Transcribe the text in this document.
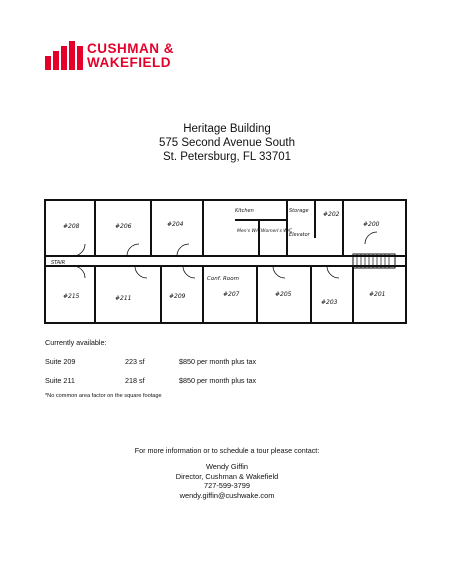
CUSHMAN &
WAKEFIELD
Heritage Building
575 Second Avenue South
St. Petersburg, FL 33701
#208	#206	#204
Kitchen	Storage #202
#200
Men's W/C Women's W/C
Elevator
STAIR
#215	#211	#209
Conf. Room
#207	#205
#203
#201
Currently available:
Suite 209	223 sf	$850 per month plus tax
Suite 211	218 sf	$850 per month plus tax
*No common area factor on the square footage
For more information or to schedule a tour please contact:
Wendy Giffin
Director, Cushman & Wakefield
727-599-3799
wendy.giffin@cushwake.com
